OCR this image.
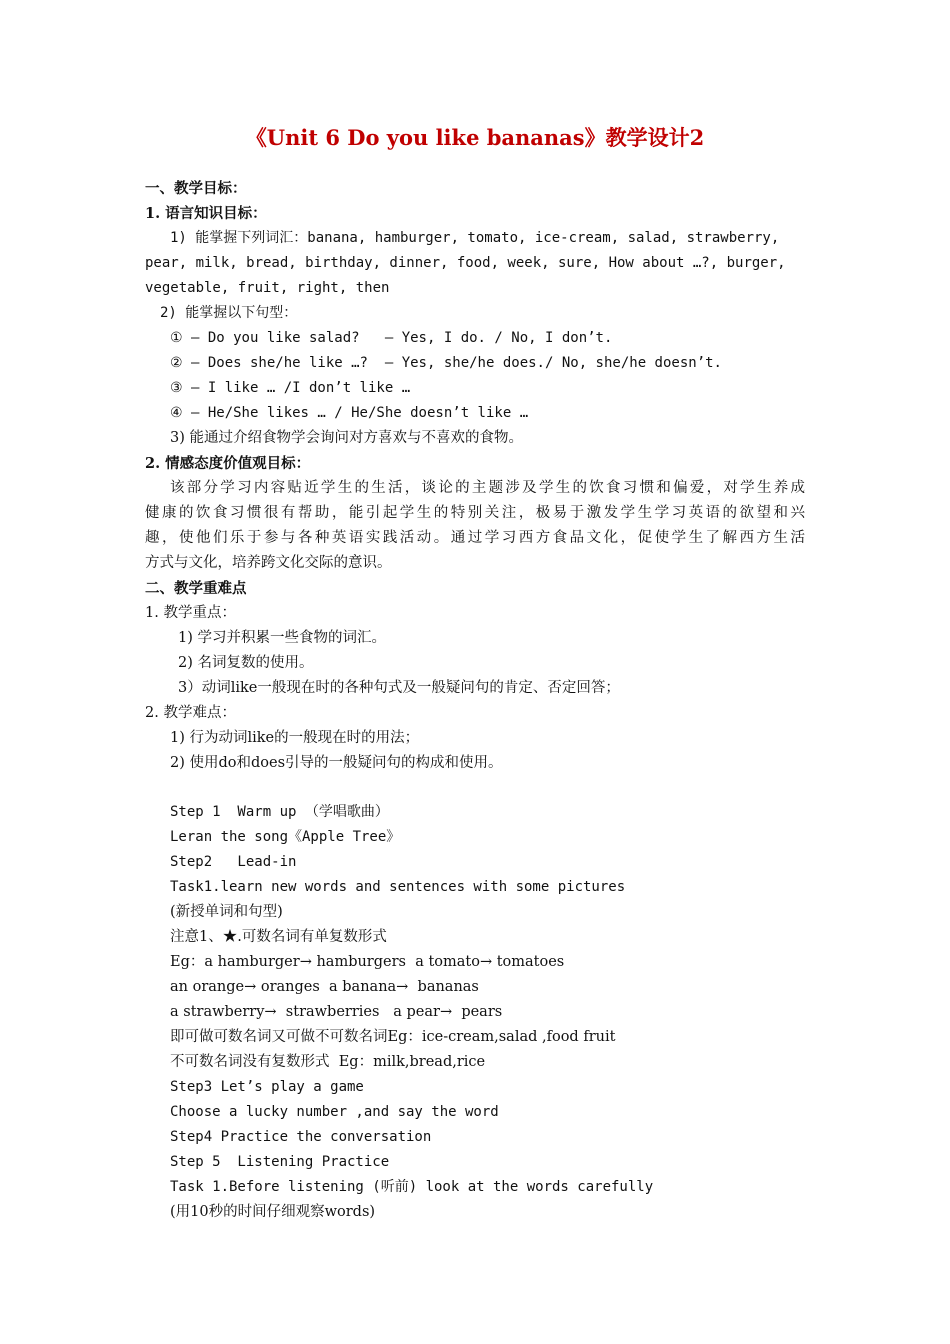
《Unit 6 Do you like bananas》教学设计2
一、教学目标：
1. 语言知识目标：
1) 能掌握下列词汇：banana, hamburger, tomato, ice-cream, salad, strawberry,
pear, milk, bread, birthday, dinner, food, week, sure, How about …?, burger,
vegetable, fruit, right, then
2) 能掌握以下句型：
① — Do you like salad?   — Yes, I do. / No, I don’t.
② — Does she/he like …?  — Yes, she/he does./ No, she/he doesn’t.
③ — I like … /I don’t like …
④ — He/She likes … / He/She doesn’t like …
3) 能通过介绍食物学会询问对方喜欢与不喜欢的食物。
2. 情感态度价值观目标：
该部分学习内容贴近学生的生活，谈论的主题涉及学生的饮食习惯和偏爱，对学生养成
健康的饮食习惯很有帮助，能引起学生的特别关注，极易于激发学生学习英语的欲望和兴
趣，使他们乐于参与各种英语实践活动。通过学习西方食品文化，促使学生了解西方生活
方式与文化，培养跨文化交际的意识。
二、教学重难点
1. 教学重点：
1) 学习并积累一些食物的词汇。
2) 名词复数的使用。
3）动词like一般现在时的各种句式及一般疑问句的肯定、否定回答；
2. 教学难点：
1) 行为动词like的一般现在时的用法；
2) 使用do和does引导的一般疑问句的构成和使用。
Step 1  Warm up （学唱歌曲）
Leran the song《Apple Tree》
Step2   Lead-in
Task1.learn new words and sentences with some pictures
(新授单词和句型)
注意1、★.可数名词有单复数形式
Eg：a hamburger→ hamburgers  a tomato→ tomatoes
an orange→ oranges  a banana→  bananas
a strawberry→  strawberries   a pear→  pears
即可做可数名词又可做不可数名词Eg：ice-cream,salad ,food fruit
不可数名词没有复数形式  Eg：milk,bread,rice
Step3 Let’s play a game
Choose a lucky number ,and say the word
Step4 Practice the conversation
Step 5  Listening Practice
Task 1.Before listening (听前) look at the words carefully
(用10秒的时间仔细观察words)
